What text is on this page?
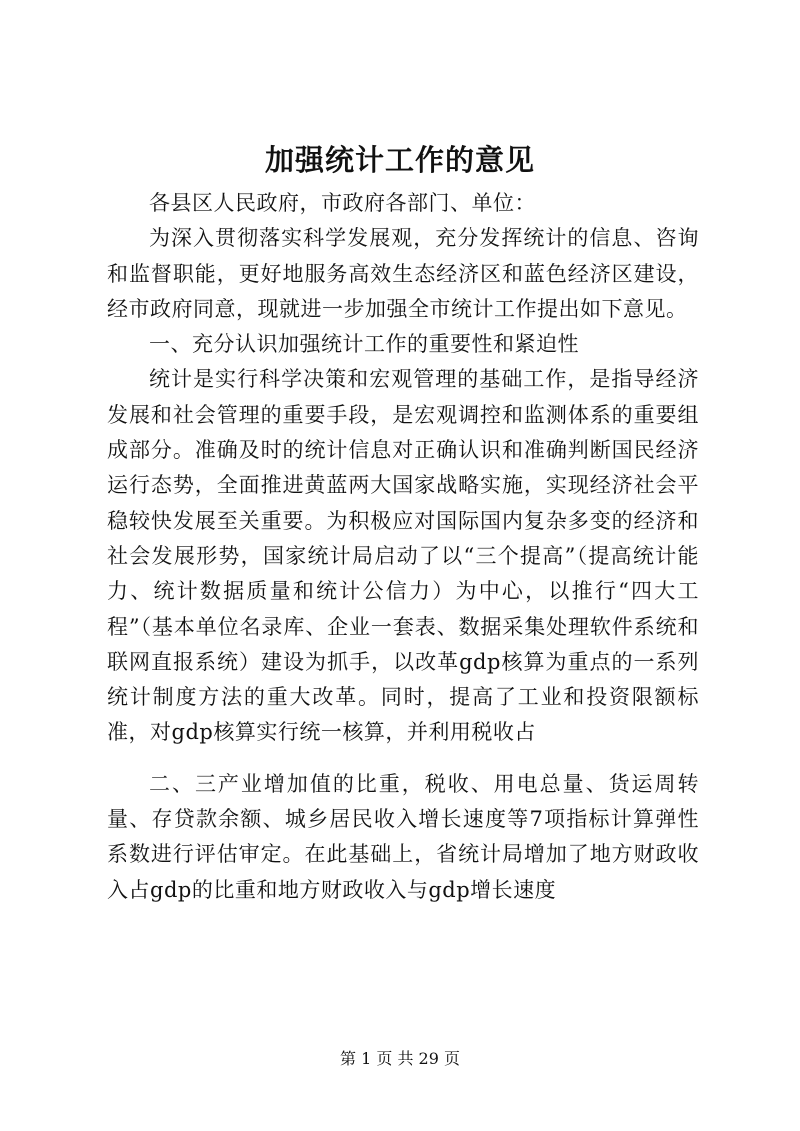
加强统计工作的意见

各县区人民政府，市政府各部门、单位：

为深入贯彻落实科学发展观，充分发挥统计的信息、咨询和监督职能，更好地服务高效生态经济区和蓝色经济区建设，经市政府同意，现就进一步加强全市统计工作提出如下意见。

一、充分认识加强统计工作的重要性和紧迫性

统计是实行科学决策和宏观管理的基础工作，是指导经济发展和社会管理的重要手段，是宏观调控和监测体系的重要组成部分。准确及时的统计信息对正确认识和准确判断国民经济运行态势，全面推进黄蓝两大国家战略实施，实现经济社会平稳较快发展至关重要。为积极应对国际国内复杂多变的经济和社会发展形势，国家统计局启动了以“三个提高”（提高统计能力、统计数据质量和统计公信力）为中心，以推行“四大工程”（基本单位名录库、企业一套表、数据采集处理软件系统和联网直报系统）建设为抓手，以改革gdp核算为重点的一系列统计制度方法的重大改革。同时，提高了工业和投资限额标准，对gdp核算实行统一核算，并利用税收占

二、三产业增加值的比重，税收、用电总量、货运周转量、存贷款余额、城乡居民收入增长速度等7项指标计算弹性系数进行评估审定。在此基础上，省统计局增加了地方财政收入占gdp的比重和地方财政收入与gdp增长速度

第 1 页 共 29 页
